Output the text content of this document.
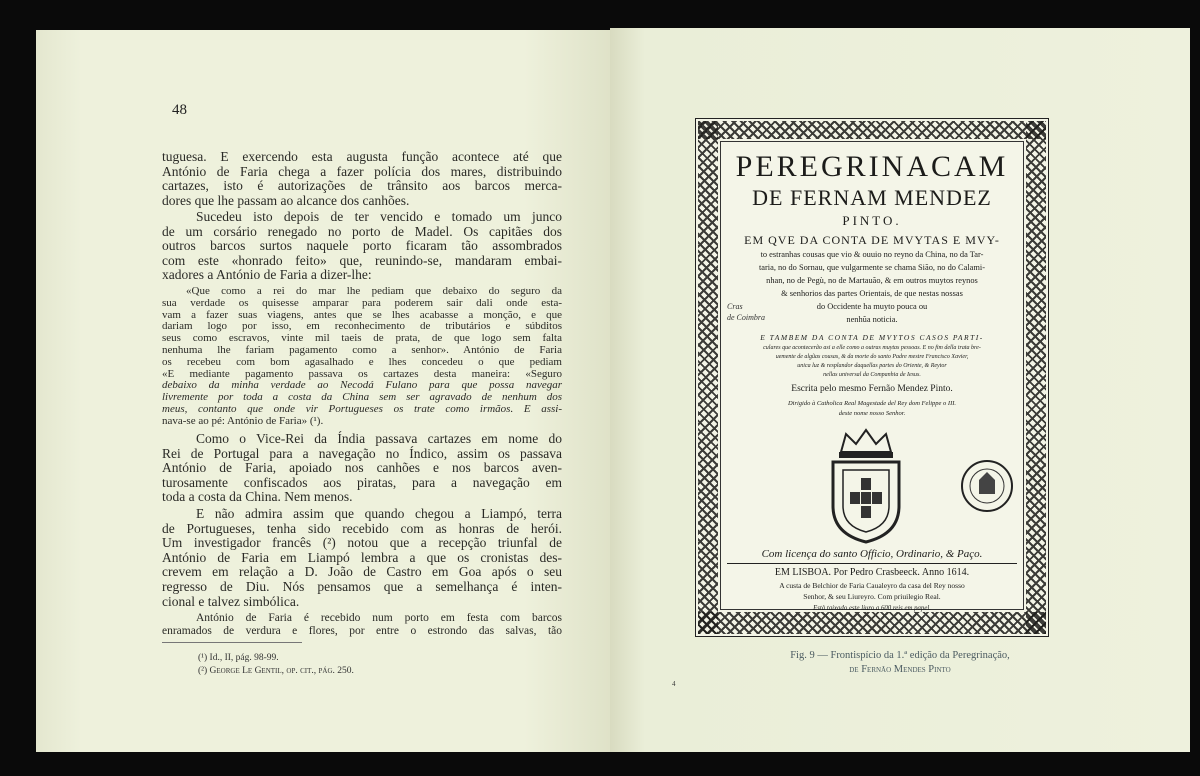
48
tuguesa. E exercendo esta augusta função acontece até que
António de Faria chega a fazer polícia dos mares, distribuindo
cartazes, isto é autorizações de trânsito aos barcos merca-
dores que lhe passam ao alcance dos canhões.
Sucedeu isto depois de ter vencido e tomado um junco
de um corsário renegado no porto de Madel. Os capitães dos
outros barcos surtos naquele porto ficaram tão assombrados
com este «honrado feito» que, reunindo-se, mandaram embai-
xadores a António de Faria a dizer-lhe:
«Que como a rei do mar lhe pediam que debaixo do seguro da
sua verdade os quisesse amparar para poderem sair dali onde esta-
vam a fazer suas viagens, antes que se lhes acabasse a monção, e que
dariam logo por isso, em reconhecimento de tributários e súbditos
seus como escravos, vinte mil taeis de prata, de que logo sem falta
nenhuma lhe fariam pagamento como a senhor». António de Faria
os recebeu com bom agasalhado e lhes concedeu o que pediam
«E mediante pagamento passava os cartazes desta maneira: «Seguro
debaixo da minha verdade ao Necodá Fulano para que possa navegar
livremente por toda a costa da China sem ser agravado de nenhum dos
meus, contanto que onde vir Portugueses os trate como irmãos. E assi-
nava-se ao pé: António de Faria» (¹).
Como o Vice-Rei da Índia passava cartazes em nome do
Rei de Portugal para a navegação no Índico, assim os passava
António de Faria, apoiado nos canhões e nos barcos aven-
turosamente confiscados aos piratas, para a navegação em
toda a costa da China. Nem menos.
E não admira assim que quando chegou a Liampó, terra
de Portugueses, tenha sido recebido com as honras de herói.
Um investigador francês (²) notou que a recepção triunfal de
António de Faria em Liampó lembra a que os cronistas des-
crevem em relação a D. João de Castro em Goa após o seu
regresso de Diu. Nós pensamos que a semelhança é inten-
cional e talvez simbólica.
António de Faria é recebido num porto em festa com barcos
enramados de verdura e flores, por entre o estrondo das salvas, tão
(¹) Id., II, pág. 98-99.
(²) George Le Gentil, op. cit., pág. 250.
PEREGRINACAM
DE FERNAM MENDEZ
PINTO.
EM QVE DA CONTA DE MVYTAS E MVY-
to estranhas cousas que vio & ouuio no reyno da China, no da Tar-
taria, no do Sornau, que vulgarmente se chama Sião, no do Calami-
nhan, no de Pegù, no de Martauão, & em outros muytos reynos
& senhorios das partes Orientais, de que nestas nossas
do Occidente ha muyto pouca ou
nenhũa noticia.
Cras
de Coimbra
E TAMBEM DA CONTA DE MVYTOS CASOS PARTI-
culares que acontecerão asi a elle como a outras muytas pessoas. E no fim della trata bre-
uemente de algũas cousas, & da morte do santo Padre mestre Francisco Xavier,
unica luz & resplandor daquellas partes do Oriente, & Reytor
nellas universal da Companhia de Iesus.
Escrita pelo mesmo Fernão Mendez Pinto.
Dirigido à Catholica Real Magestade del Rey dom Felippe o III.
deste nome nosso Senhor.
Com licença do santo Officio, Ordinario, & Paço.
EM LISBOA. Por Pedro Crasbeeck. Anno 1614.
A custa de Belchior de Faria Caualeyro da casa del Rey nosso
Senhor, & seu Liureyro. Com priuilegio Real.
Està taixado este liuro a 600 reis em papel.
Fig. 9 — Frontispício da 1.ª edição da Peregrinação,
de Fernão Mendes Pinto
4
